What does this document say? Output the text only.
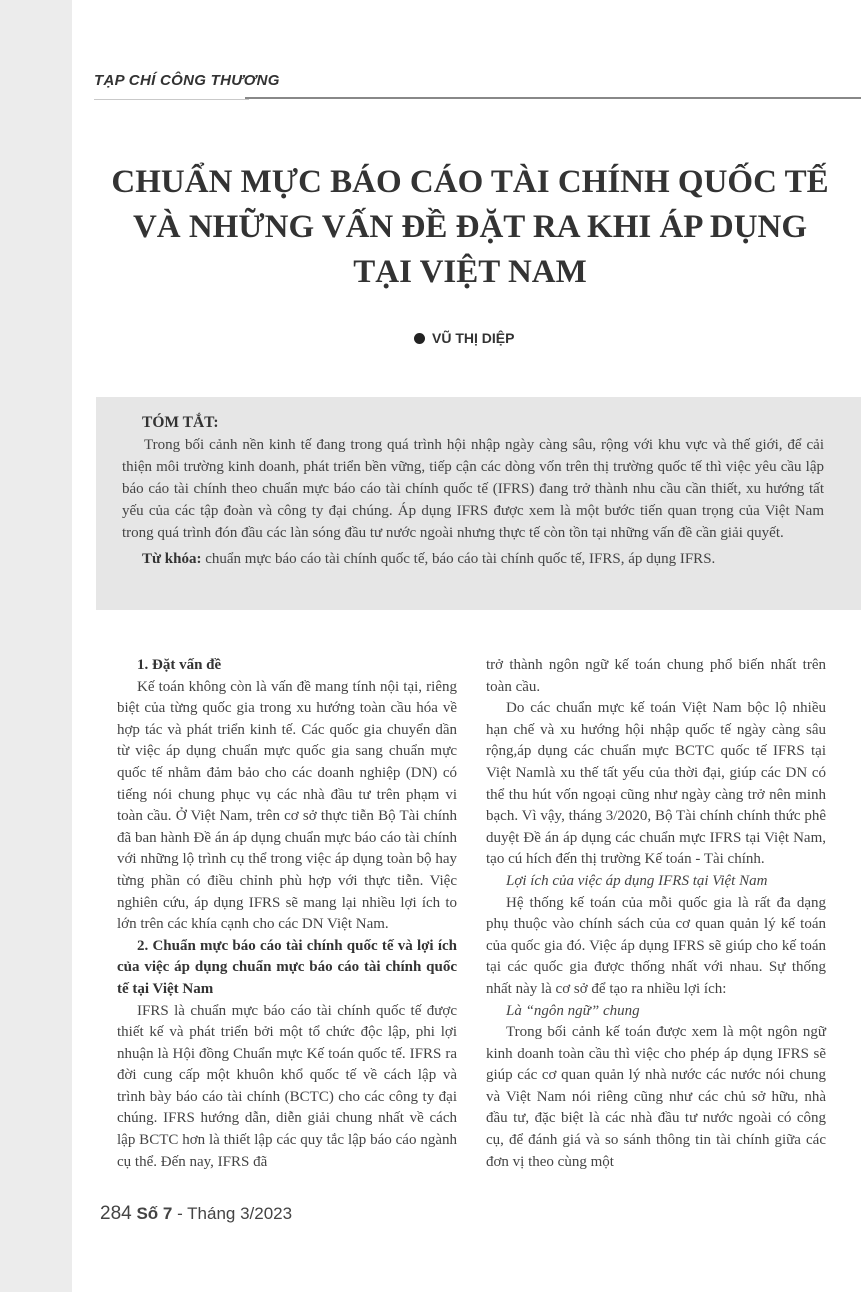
TẠP CHÍ CÔNG THƯƠNG
CHUẨN MỰC BÁO CÁO TÀI CHÍNH QUỐC TẾ
VÀ NHỮNG VẤN ĐỀ ĐẶT RA KHI ÁP DỤNG
TẠI VIỆT NAM
VŨ THỊ DIỆP
TÓM TẮT:

Trong bối cảnh nền kinh tế đang trong quá trình hội nhập ngày càng sâu, rộng với khu vực và thế giới, để cải thiện môi trường kinh doanh, phát triển bền vững, tiếp cận các dòng vốn trên thị trường quốc tế thì việc yêu cầu lập báo cáo tài chính theo chuẩn mực báo cáo tài chính quốc tế (IFRS) đang trở thành nhu cầu cần thiết, xu hướng tất yếu của các tập đoàn và công ty đại chúng. Áp dụng IFRS được xem là một bước tiến quan trọng của Việt Nam trong quá trình đón đầu các làn sóng đầu tư nước ngoài nhưng thực tế còn tồn tại những vấn đề cần giải quyết.

Từ khóa: chuẩn mực báo cáo tài chính quốc tế, báo cáo tài chính quốc tế, IFRS, áp dụng IFRS.
1. Đặt vấn đề

Kế toán không còn là vấn đề mang tính nội tại, riêng biệt của từng quốc gia trong xu hướng toàn cầu hóa về hợp tác và phát triển kinh tế. Các quốc gia chuyển dần từ việc áp dụng chuẩn mực quốc gia sang chuẩn mực quốc tế nhằm đảm bảo cho các doanh nghiệp (DN) có tiếng nói chung phục vụ các nhà đầu tư trên phạm vi toàn cầu. Ở Việt Nam, trên cơ sở thực tiễn Bộ Tài chính đã ban hành Đề án áp dụng chuẩn mực báo cáo tài chính với những lộ trình cụ thể trong việc áp dụng toàn bộ hay từng phần có điều chỉnh phù hợp với thực tiễn. Việc nghiên cứu, áp dụng IFRS sẽ mang lại nhiều lợi ích to lớn trên các khía cạnh cho các DN Việt Nam.

2. Chuẩn mực báo cáo tài chính quốc tế và lợi ích của việc áp dụng chuẩn mực báo cáo tài chính quốc tế tại Việt Nam

IFRS là chuẩn mực báo cáo tài chính quốc tế được thiết kế và phát triển bởi một tổ chức độc lập, phi lợi nhuận là Hội đồng Chuẩn mực Kế toán quốc tế. IFRS ra đời cung cấp một khuôn khổ quốc tế về cách lập và trình bày báo cáo tài chính (BCTC) cho các công ty đại chúng. IFRS hướng dẫn, diễn giải chung nhất về cách lập BCTC hơn là thiết lập các quy tắc lập báo cáo ngành cụ thể. Đến nay, IFRS đã

trở thành ngôn ngữ kế toán chung phổ biến nhất trên toàn cầu.

Do các chuẩn mực kế toán Việt Nam bộc lộ nhiều hạn chế và xu hướng hội nhập quốc tế ngày càng sâu rộng,áp dụng các chuẩn mực BCTC quốc tế IFRS tại Việt Namlà xu thế tất yếu của thời đại, giúp các DN có thể thu hút vốn ngoại cũng như ngày càng trở nên minh bạch. Vì vậy, tháng 3/2020, Bộ Tài chính chính thức phê duyệt Đề án áp dụng các chuẩn mực IFRS tại Việt Nam, tạo cú hích đến thị trường Kế toán - Tài chính.

Lợi ích của việc áp dụng IFRS tại Việt Nam

Hệ thống kế toán của mỗi quốc gia là rất đa dạng phụ thuộc vào chính sách của cơ quan quản lý kế toán của quốc gia đó. Việc áp dụng IFRS sẽ giúp cho kế toán tại các quốc gia được thống nhất với nhau. Sự thống nhất này là cơ sở để tạo ra nhiều lợi ích:

Là “ngôn ngữ” chung

Trong bối cảnh kế toán được xem là một ngôn ngữ kinh doanh toàn cầu thì việc cho phép áp dụng IFRS sẽ giúp các cơ quan quản lý nhà nước các nước nói chung và Việt Nam nói riêng cũng như các chủ sở hữu, nhà đầu tư, đặc biệt là các nhà đầu tư nước ngoài có công cụ, để đánh giá và so sánh thông tin tài chính giữa các đơn vị theo cùng một

284 Số 7 - Tháng 3/2023
